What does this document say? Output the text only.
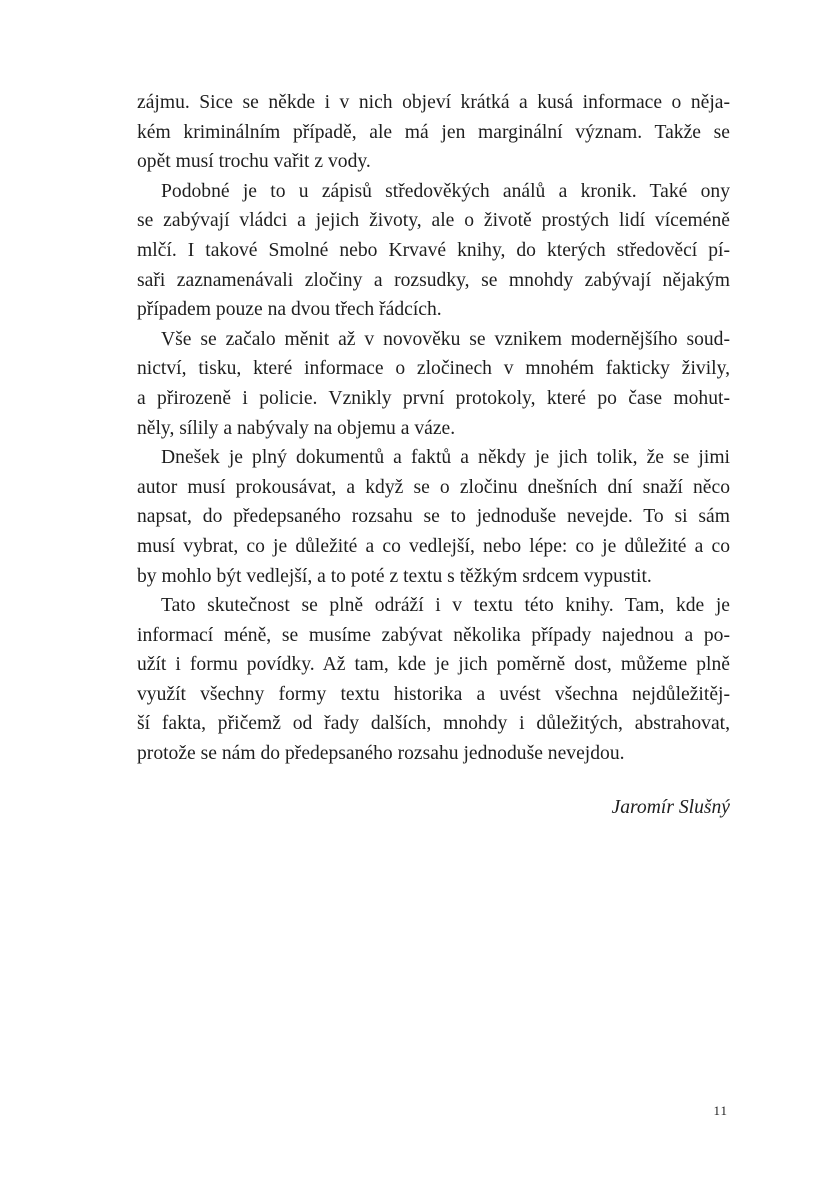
zájmu. Sice se někde i v nich objeví krátká a kusá informace o něja-
kém kriminálním případě, ale má jen marginální význam. Takže se
opět musí trochu vařit z vody.
Podobné je to u zápisů středověkých análů a kronik. Také ony
se zabývají vládci a jejich životy, ale o životě prostých lidí víceméně
mlčí. I takové Smolné nebo Krvavé knihy, do kterých středověcí pí-
saři zaznamenávali zločiny a rozsudky, se mnohdy zabývají nějakým
případem pouze na dvou třech řádcích.
Vše se začalo měnit až v novověku se vznikem modernějšího soud-
nictví, tisku, které informace o zločinech v mnohém fakticky živily,
a přirozeně i policie. Vznikly první protokoly, které po čase mohut-
něly, sílily a nabývaly na objemu a váze.
Dnešek je plný dokumentů a faktů a někdy je jich tolik, že se jimi
autor musí prokousávat, a když se o zločinu dnešních dní snaží něco
napsat, do předepsaného rozsahu se to jednoduše nevejde. To si sám
musí vybrat, co je důležité a co vedlejší, nebo lépe: co je důležité a co
by mohlo být vedlejší, a to poté z textu s těžkým srdcem vypustit.
Tato skutečnost se plně odráží i v textu této knihy. Tam, kde je
informací méně, se musíme zabývat několika případy najednou a po-
užít i formu povídky. Až tam, kde je jich poměrně dost, můžeme plně
využít všechny formy textu historika a uvést všechna nejdůležitěj-
ší fakta, přičemž od řady dalších, mnohdy i důležitých, abstrahovat,
protože se nám do předepsaného rozsahu jednoduše nevejdou.
Jaromír Slušný
11
